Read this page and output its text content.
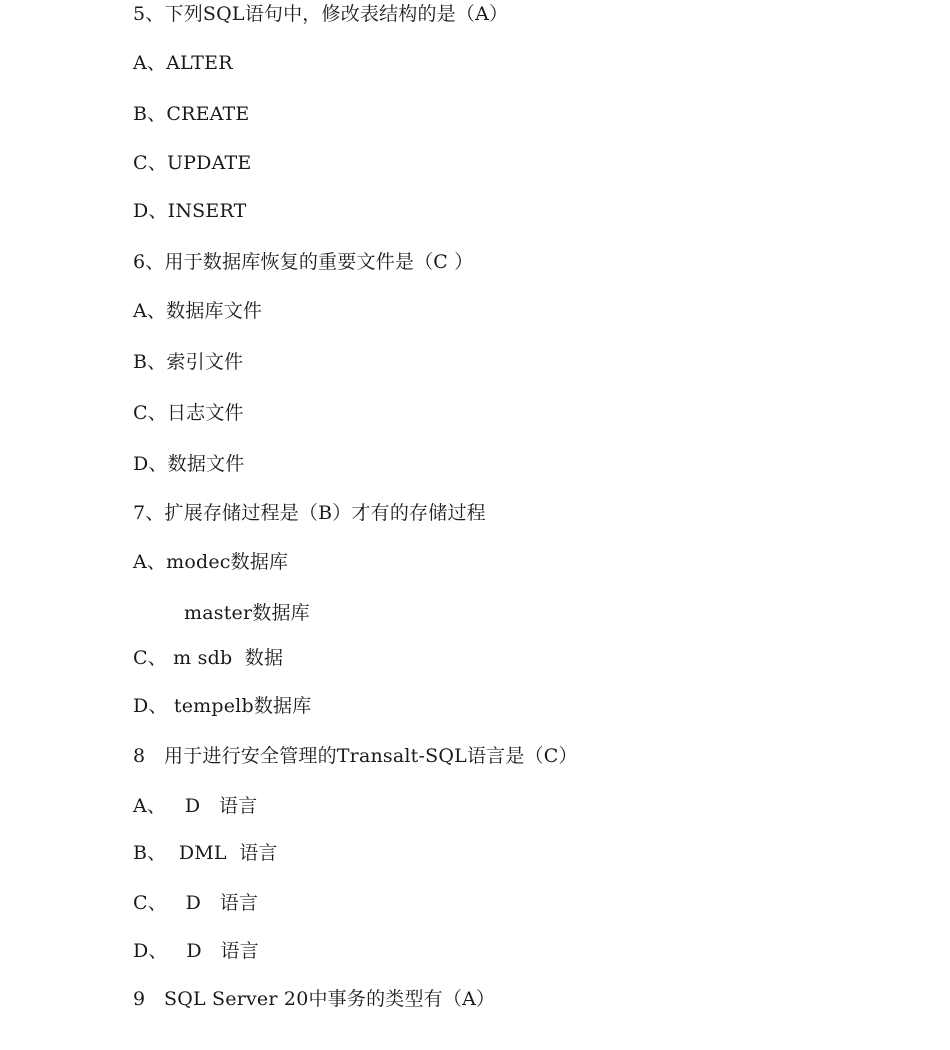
5、下列SQL语句中，修改表结构的是（A）
A、ALTER
B、CREATE
C、UPDATE
D、INSERT
6、用于数据库恢复的重要文件是（C ）
A、数据库文件
B、索引文件
C、日志文件
D、数据文件
7、扩展存储过程是（B）才有的存储过程
A、modec数据库
master数据库
C、 m sdb  数据
D、 tempelb数据库
8   用于进行安全管理的Transalt-SQL语言是（C）
A、   D   语言
B、  DML  语言
C、   D   语言
D、   D   语言
9   SQL Server 20中事务的类型有（A）
